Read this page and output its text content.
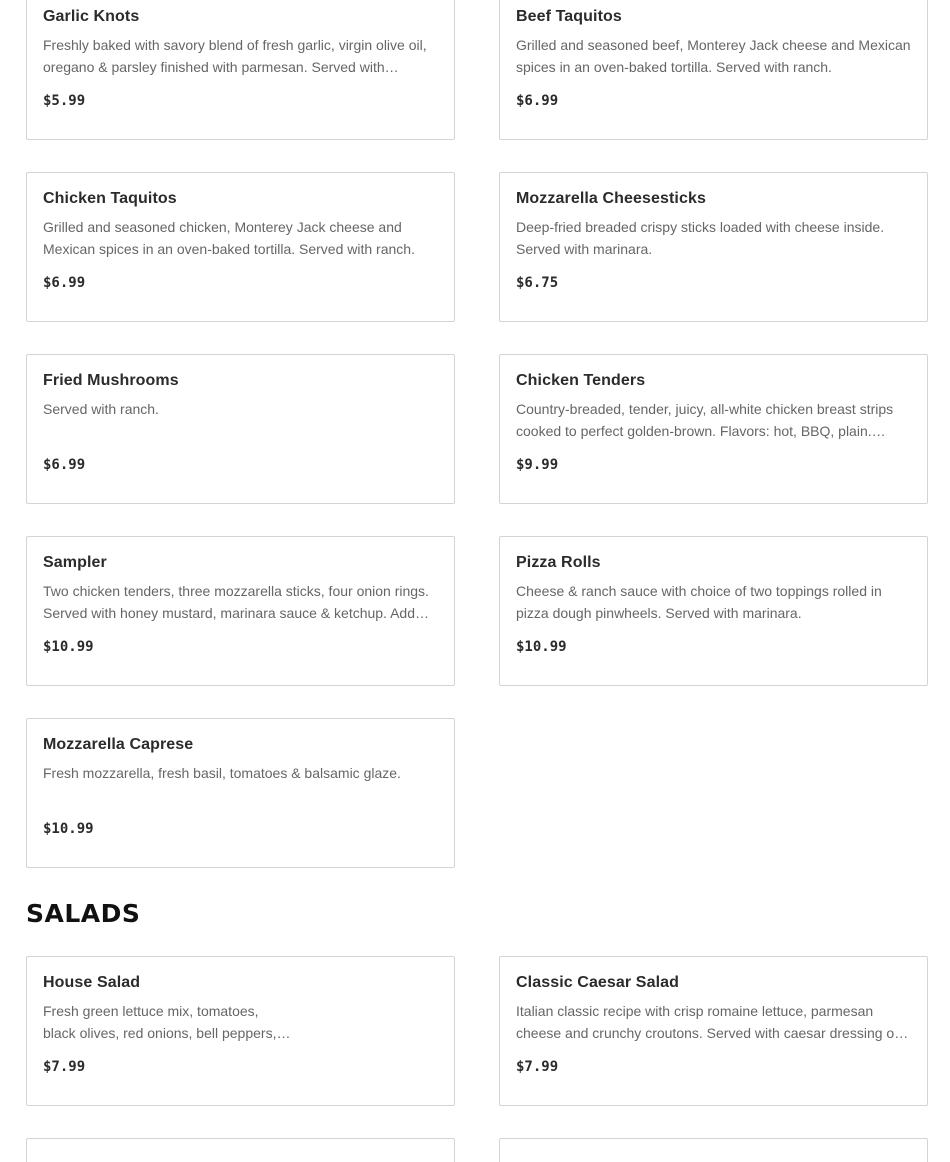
Garlic Knots
Freshly baked with savory blend of fresh garlic, virgin olive oil, oregano & parsley finished with parmesan. Served with…
$5.99
Beef Taquitos
Grilled and seasoned beef, Monterey Jack cheese and Mexican spices in an oven-baked tortilla. Served with ranch.
$6.99
Chicken Taquitos
Grilled and seasoned chicken, Monterey Jack cheese and Mexican spices in an oven-baked tortilla. Served with ranch.
$6.99
Mozzarella Cheesesticks
Deep-fried breaded crispy sticks loaded with cheese inside. Served with marinara.
$6.75
Fried Mushrooms
Served with ranch.
$6.99
Chicken Tenders
Country-breaded, tender, juicy, all-white chicken breast strips cooked to perfect golden-brown. Flavors: hot, BBQ, plain.…
$9.99
Sampler
Two chicken tenders, three mozzarella sticks, four onion rings. Served with honey mustard, marinara sauce & ketchup. Add…
$10.99
Pizza Rolls
Cheese & ranch sauce with choice of two toppings rolled in pizza dough pinwheels. Served with marinara.
$10.99
Mozzarella Caprese
Fresh mozzarella, fresh basil, tomatoes & balsamic glaze.
$10.99
SALADS
House Salad
Fresh green lettuce mix, tomatoes,
black olives, red onions, bell peppers,…
$7.99
Classic Caesar Salad
Italian classic recipe with crisp romaine lettuce, parmesan cheese and crunchy croutons. Served with caesar dressing o…
$7.99
